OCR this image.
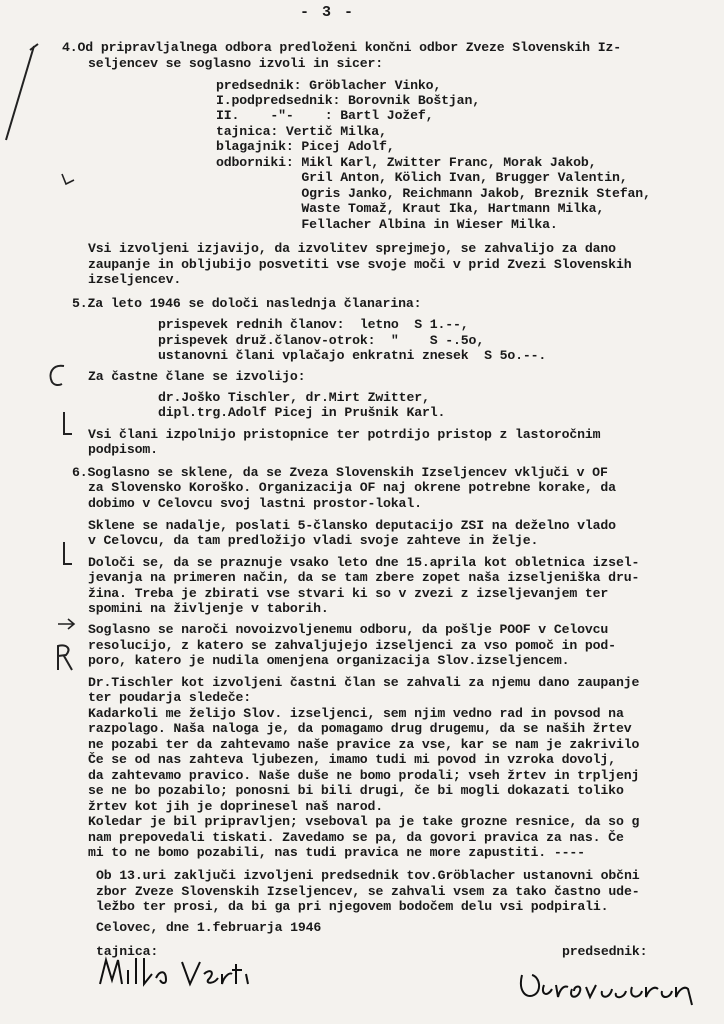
- 3 -
4.Od pripravljalnega odbora predloženi končni odbor Zveze Slovenskih Iz-
seljencev se soglasno izvoli in sicer:
predsednik: Gröblacher Vinko,
I.podpredsednik: Borovnik Boštjan,
II.    -"-    : Bartl Jožef,
tajnica: Vertič Milka,
blagajnik: Picej Adolf,
odborniki: Mikl Karl, Zwitter Franc, Morak Jakob,
Gril Anton, Kölich Ivan, Brugger Valentin,
Ogris Janko, Reichmann Jakob, Breznik Stefan,
Waste Tomaž, Kraut Ika, Hartmann Milka,
Fellacher Albina in Wieser Milka.
Vsi izvoljeni izjavijo, da izvolitev sprejmejo, se zahvalijo za dano
zaupanje in obljubijo posvetiti vse svoje moči v prid Zvezi Slovenskih
izseljencev.
5.Za leto 1946 se določi naslednja članarina:
prispevek rednih članov:  letno  S 1.--,
prispevek druž.članov-otrok:  "    S -.5o,
ustanovni člani vplačajo enkratni znesek  S 5o.--.
Za častne člane se izvolijo:
dr.Joško Tischler, dr.Mirt Zwitter,
dipl.trg.Adolf Picej in Prušnik Karl.
Vsi člani izpolnijo pristopnice ter potrdijo pristop z lastoročnim
podpisom.
6.Soglasno se sklene, da se Zveza Slovenskih Izseljencev vključi v OF
za Slovensko Koroško. Organizacija OF naj okrene potrebne korake, da
dobimo v Celovcu svoj lastni prostor-lokal.
Sklene se nadalje, poslati 5-člansko deputacijo ZSI na deželno vlado
v Celovcu, da tam predložijo vladi svoje zahteve in želje.
Določi se, da se praznuje vsako leto dne 15.aprila kot obletnica izsel-
jevanja na primeren način, da se tam zbere zopet naša izseljeniška dru-
žina. Treba je zbirati vse stvari ki so v zvezi z izseljevanjem ter
spomini na življenje v taborih.
Soglasno se naroči novoizvoljenemu odboru, da pošlje POOF v Celovcu
resolucijo, z katero se zahvaljujejo izseljenci za vso pomoč in pod-
poro, katero je nudila omenjena organizacija Slov.izseljencem.
Dr.Tischler kot izvoljeni častni član se zahvali za njemu dano zaupanje
ter poudarja sledeče:
Kadarkoli me želijo Slov. izseljenci, sem njim vedno rad in povsod na
razpolago. Naša naloga je, da pomagamo drug drugemu, da se naših žrtev
ne pozabi ter da zahtevamo naše pravice za vse, kar se nam je zakrivilo
Če se od nas zahteva ljubezen, imamo tudi mi povod in vzroka dovolj,
da zahtevamo pravico. Naše duše ne bomo prodali; vseh žrtev in trpljenj
se ne bo pozabilo; ponosni bi bili drugi, če bi mogli dokazati toliko
žrtev kot jih je doprinesel naš narod.
Koledar je bil pripravljen; vseboval pa je take grozne resnice, da so g
nam prepovedali tiskati. Zavedamo se pa, da govori pravica za nas. Če
mi to ne bomo pozabili, nas tudi pravica ne more zapustiti. ----
Ob 13.uri zaključi izvoljeni predsednik tov.Gröblacher ustanovni občni
zbor Zveze Slovenskih Izseljencev, se zahvali vsem za tako častno ude-
ležbo ter prosi, da bi ga pri njegovem bodočem delu vsi podpirali.
Celovec, dne 1.februarja 1946
tajnica:	predsednik:
